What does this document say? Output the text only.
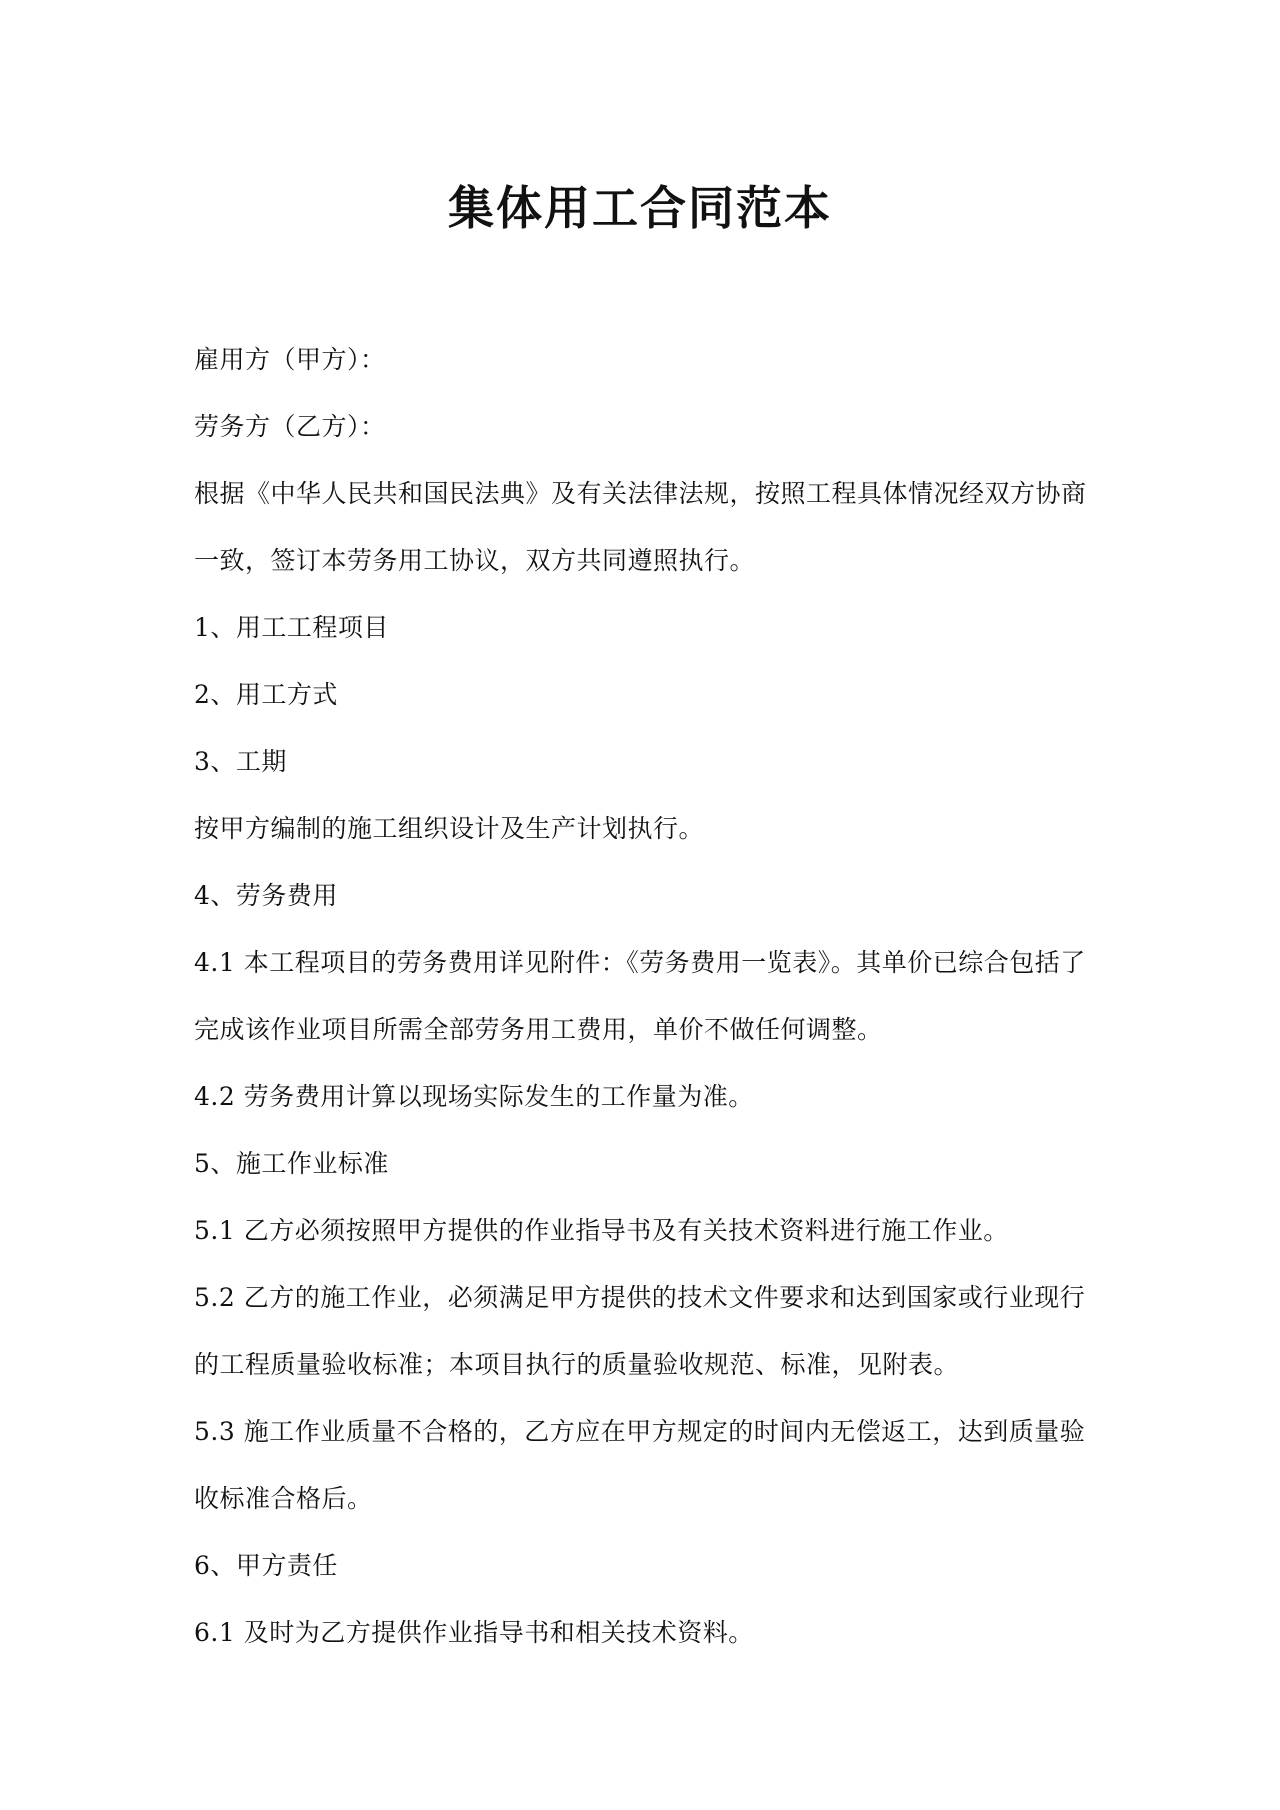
集体用工合同范本

雇用方（甲方）：

劳务方（乙方）：

根据《中华人民共和国民法典》及有关法律法规，按照工程具体情况经双方协商

一致，签订本劳务用工协议，双方共同遵照执行。

1、用工工程项目

2、用工方式

3、工期

按甲方编制的施工组织设计及生产计划执行。

4、劳务费用

4.1 本工程项目的劳务费用详见附件：《劳务费用一览表》。其单价已综合包括了

完成该作业项目所需全部劳务用工费用，单价不做任何调整。

4.2 劳务费用计算以现场实际发生的工作量为准。

5、施工作业标准

5.1 乙方必须按照甲方提供的作业指导书及有关技术资料进行施工作业。

5.2 乙方的施工作业，必须满足甲方提供的技术文件要求和达到国家或行业现行

的工程质量验收标准；本项目执行的质量验收规范、标准，见附表。

5.3 施工作业质量不合格的，乙方应在甲方规定的时间内无偿返工，达到质量验

收标准合格后。

6、甲方责任

6.1 及时为乙方提供作业指导书和相关技术资料。
